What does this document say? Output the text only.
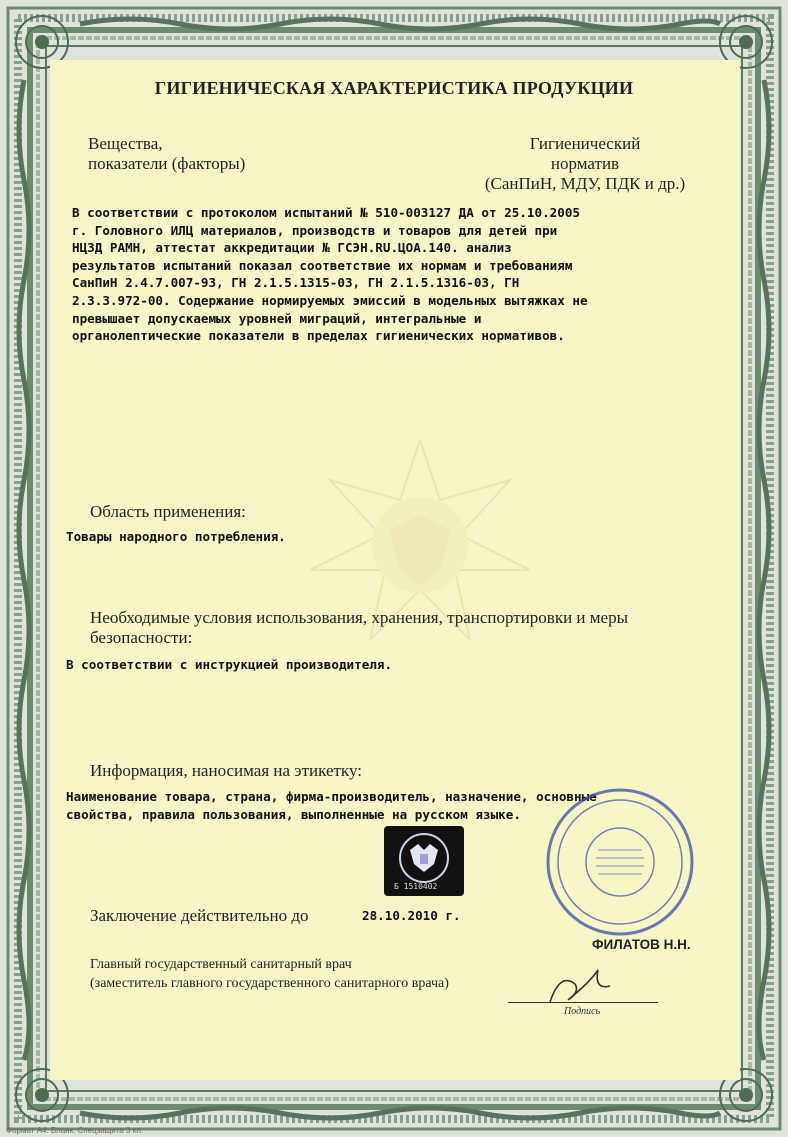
ГИГИЕНИЧЕСКАЯ ХАРАКТЕРИСТИКА ПРОДУКЦИИ
Вещества,
показатели (факторы)
Гигиенический
норматив
(СанПиН, МДУ, ПДК и др.)
В соответствии с протоколом испытаний № 510-003127 ДА от 25.10.2005
г. Головного ИЛЦ материалов, производств и товаров для детей при
НЦЗД РАМН, аттестат аккредитации № ГСЭН.RU.ЦОА.140. анализ
результатов испытаний показал соответствие их нормам и требованиям
СанПиН 2.4.7.007-93, ГН 2.1.5.1315-03, ГН 2.1.5.1316-03, ГН
2.3.3.972-00. Содержание нормируемых эмиссий в модельных вытяжках не
превышает допускаемых уровней миграций, интегральные и
органолептические показатели в пределах гигиенических нормативов.
Область применения:
Товары народного потребления.
Необходимые условия использования, хранения, транспортировки и меры
безопасности:
В соответствии с инструкцией производителя.
Информация, наносимая на этикетку:
Наименование товара, страна, фирма-производитель, назначение, основные
свойства, правила пользования, выполненные на русском языке.
Б 1510402
Заключение действительно до	28.10.2010 г.
ФИЛАТОВ Н.Н.
Главный государственный санитарный врач
(заместитель главного государственного санитарного врача)
Подпись
Формат А4. Бланк. Спецзащита 3 кл.
